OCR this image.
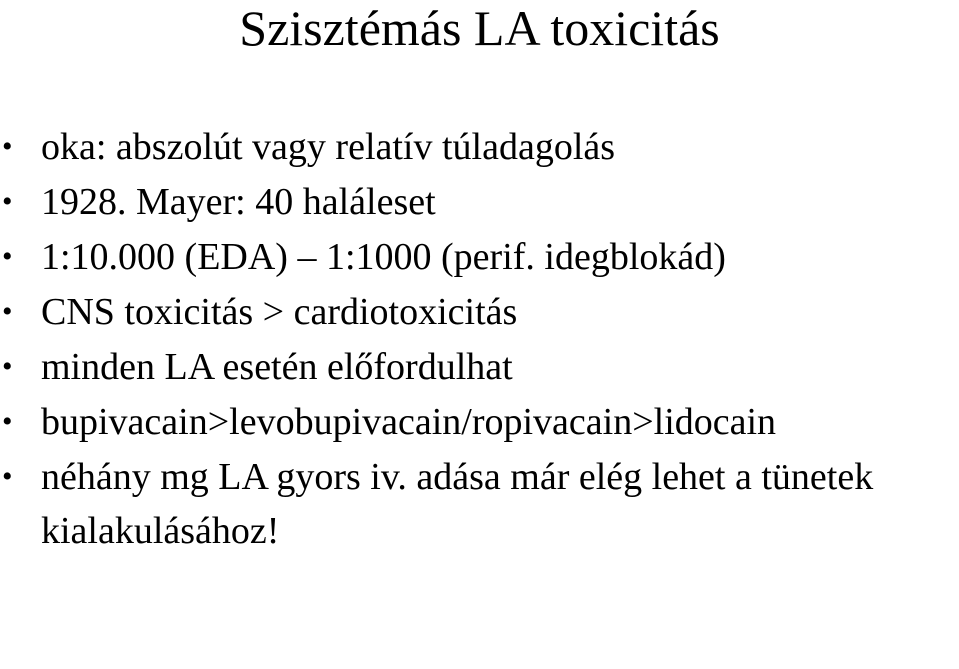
Szisztémás LA toxicitás
• oka: abszolút vagy relatív túladagolás
• 1928. Mayer: 40 haláleset
• 1:10.000 (EDA) – 1:1000 (perif. idegblokád)
• CNS toxicitás > cardiotoxicitás
• minden LA esetén előfordulhat
• bupivacain>levobupivacain/ropivacain>lidocain
• néhány mg LA gyors iv. adása már elég lehet a tünetek kialakulásához!
